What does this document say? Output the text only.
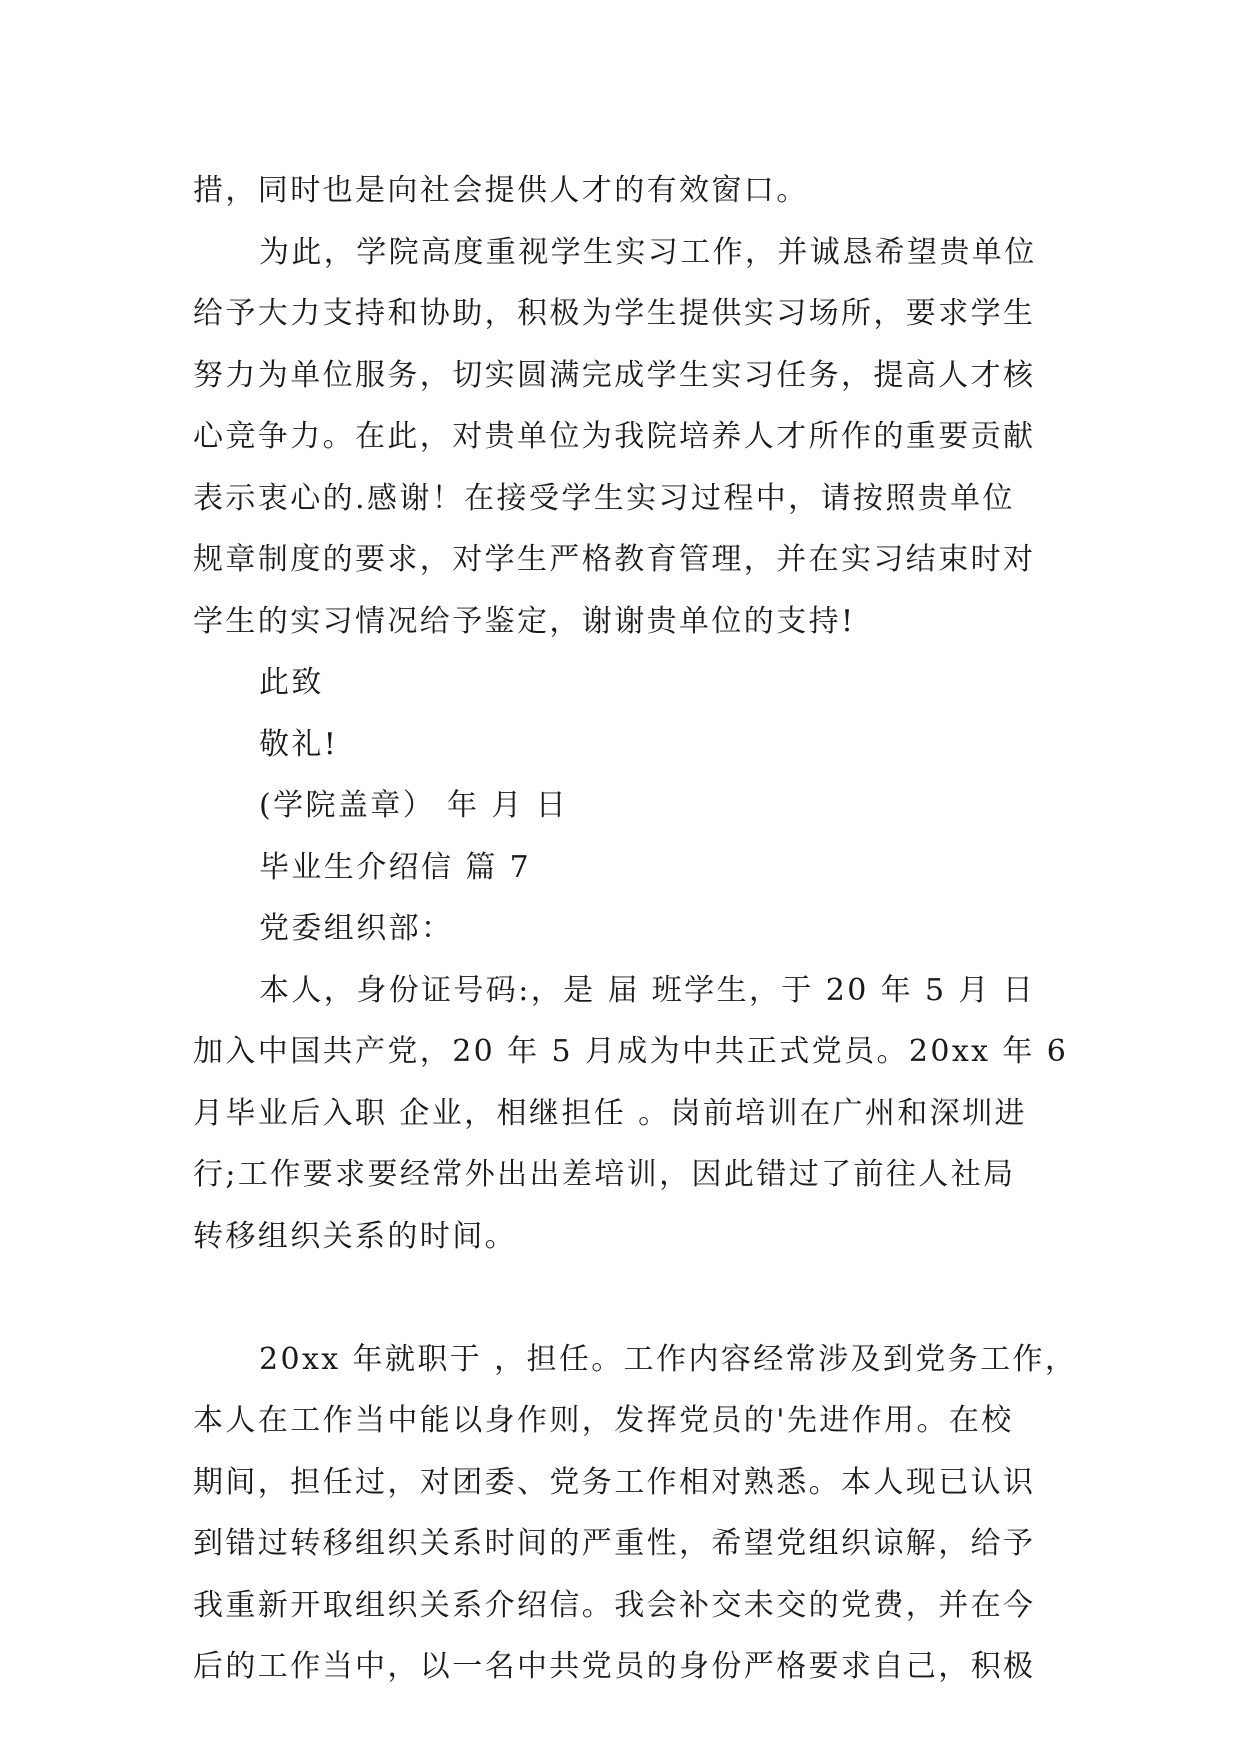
措，同时也是向社会提供人才的有效窗口。
为此，学院高度重视学生实习工作，并诚恳希望贵单位
给予大力支持和协助，积极为学生提供实习场所，要求学生
努力为单位服务，切实圆满完成学生实习任务，提高人才核
心竞争力。在此，对贵单位为我院培养人才所作的重要贡献
表示衷心的.感谢！在接受学生实习过程中，请按照贵单位
规章制度的要求，对学生严格教育管理，并在实习结束时对
学生的实习情况给予鉴定，谢谢贵单位的支持!
此致
敬礼!
(学院盖章） 年 月 日
毕业生介绍信 篇 7
党委组织部：
本人，身份证号码:，是 届 班学生，于 20 年 5 月 日
加入中国共产党，20 年 5 月成为中共正式党员。20xx 年 6
月毕业后入职 企业，相继担任 。岗前培训在广州和深圳进
行;工作要求要经常外出出差培训，因此错过了前往人社局
转移组织关系的时间。
20xx 年就职于 ，担任。工作内容经常涉及到党务工作，
本人在工作当中能以身作则，发挥党员的'先进作用。在校
期间，担任过，对团委、党务工作相对熟悉。本人现已认识
到错过转移组织关系时间的严重性，希望党组织谅解，给予
我重新开取组织关系介绍信。我会补交未交的党费，并在今
后的工作当中，以一名中共党员的身份严格要求自己，积极
